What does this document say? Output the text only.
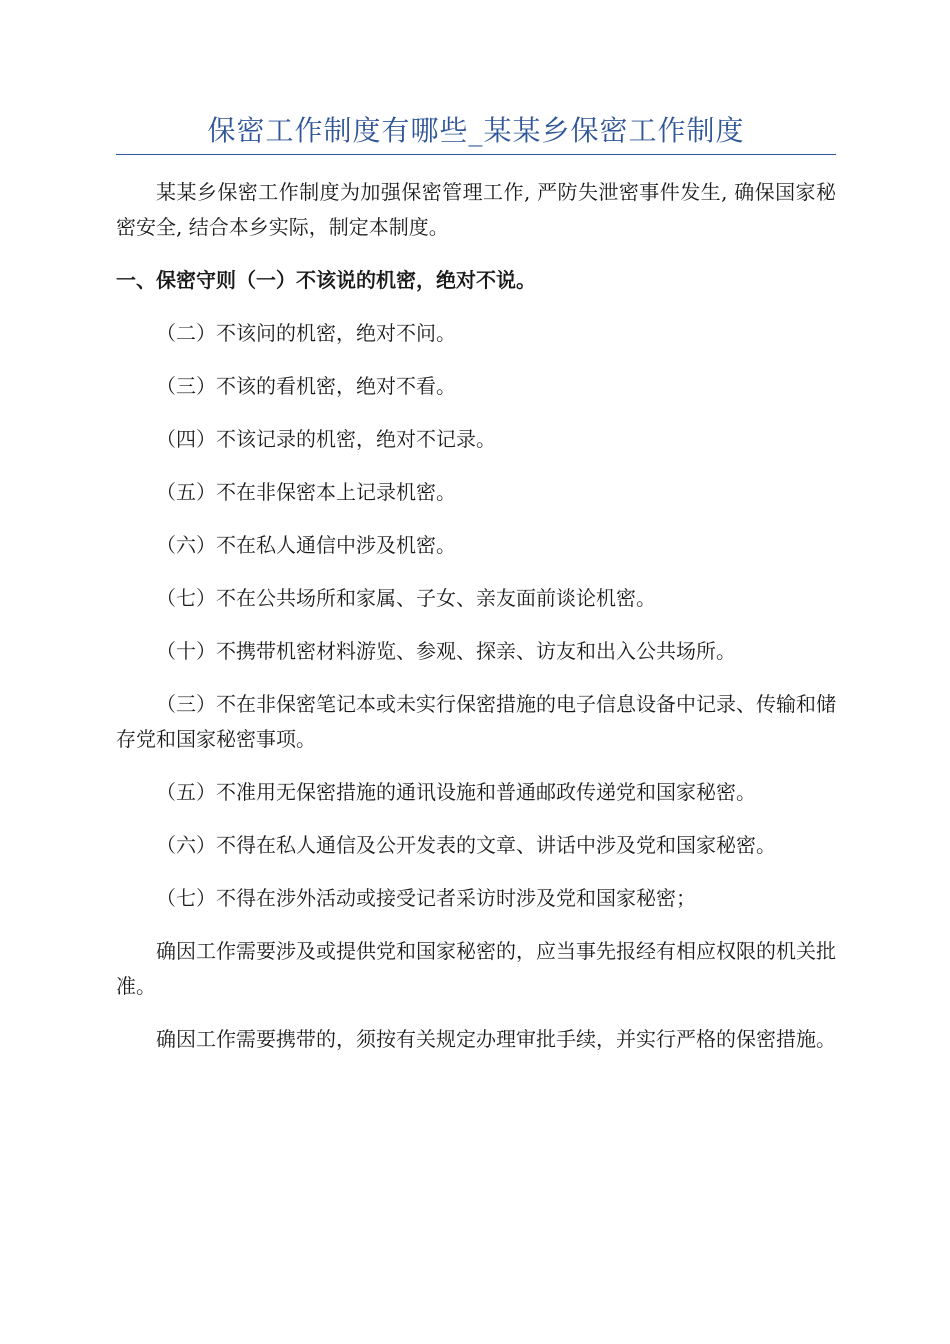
保密工作制度有哪些_某某乡保密工作制度

某某乡保密工作制度为加强保密管理工作, 严防失泄密事件发生, 确保国家秘密安全, 结合本乡实际，制定本制度。

一、保密守则（一）不该说的机密，绝对不说。

（二）不该问的机密，绝对不问。

（三）不该的看机密，绝对不看。

（四）不该记录的机密，绝对不记录。

（五）不在非保密本上记录机密。

（六）不在私人通信中涉及机密。

（七）不在公共场所和家属、子女、亲友面前谈论机密。

（十）不携带机密材料游览、参观、探亲、访友和出入公共场所。

（三）不在非保密笔记本或未实行保密措施的电子信息设备中记录、传输和储存党和国家秘密事项。

（五）不准用无保密措施的通讯设施和普通邮政传递党和国家秘密。

（六）不得在私人通信及公开发表的文章、讲话中涉及党和国家秘密。

（七）不得在涉外活动或接受记者采访时涉及党和国家秘密；

确因工作需要涉及或提供党和国家秘密的，应当事先报经有相应权限的机关批准。

确因工作需要携带的，须按有关规定办理审批手续，并实行严格的保密措施。
